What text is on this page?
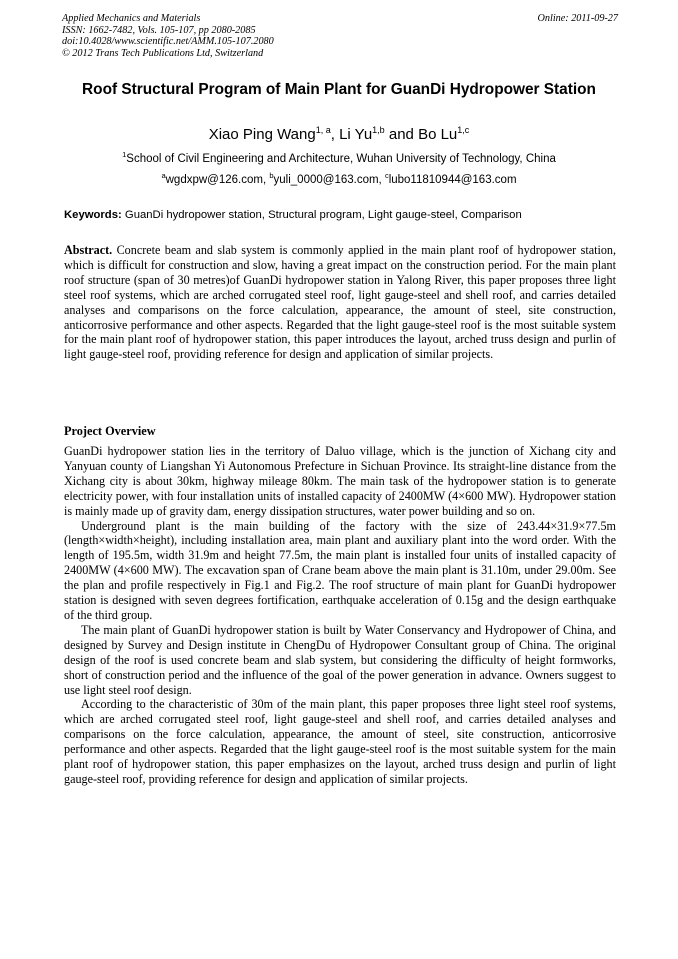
Applied Mechanics and Materials
ISSN: 1662-7482, Vols. 105-107, pp 2080-2085
doi:10.4028/www.scientific.net/AMM.105-107.2080
© 2012 Trans Tech Publications Ltd, Switzerland
Online: 2011-09-27
Roof Structural Program of Main Plant for GuanDi Hydropower Station
Xiao Ping Wang$^{1, a}$, Li Yu$^{1,b}$ and Bo Lu$^{1,c}$
$^1$School of Civil Engineering and Architecture, Wuhan University of Technology, China
$^a$wgdxpw@126.com, $^b$yuli_0000@163.com, $^c$lubo11810944@163.com
Keywords: GuanDi hydropower station, Structural program, Light gauge-steel, Comparison
Abstract. Concrete beam and slab system is commonly applied in the main plant roof of hydropower station, which is difficult for construction and slow, having a great impact on the construction period. For the main plant roof structure (span of 30 metres)of GuanDi hydropower station in Yalong River, this paper proposes three light steel roof systems, which are arched corrugated steel roof, light gauge-steel and shell roof, and carries detailed analyses and comparisons on the force calculation, appearance, the amount of steel, site construction, anticorrosive performance and other aspects. Regarded that the light gauge-steel roof is the most suitable system for the main plant roof of hydropower station, this paper introduces the layout, arched truss design and purlin of light gauge-steel roof, providing reference for design and application of similar projects.
Project Overview

GuanDi hydropower station lies in the territory of Daluo village, which is the junction of Xichang city and Yanyuan county of Liangshan Yi Autonomous Prefecture in Sichuan Province. Its straight-line distance from the Xichang city is about 30km, highway mileage 80km. The main task of the hydropower station is to generate electricity power, with four installation units of installed capacity of 2400MW (4×600 MW). Hydropower station is mainly made up of gravity dam, energy dissipation structures, water power building and so on.

Underground plant is the main building of the factory with the size of 243.44×31.9×77.5m (length×width×height), including installation area, main plant and auxiliary plant into the word order. With the length of 195.5m, width 31.9m and height 77.5m, the main plant is installed four units of installed capacity of 2400MW (4×600 MW). The excavation span of Crane beam above the main plant is 31.10m, under 29.00m. See the plan and profile respectively in Fig.1 and Fig.2. The roof structure of main plant for GuanDi hydropower station is designed with seven degrees fortification, earthquake acceleration of 0.15g and the design earthquake of the third group.

The main plant of GuanDi hydropower station is built by Water Conservancy and Hydropower of China, and designed by Survey and Design institute in ChengDu of Hydropower Consultant group of China. The original design of the roof is used concrete beam and slab system, but considering the difficulty of height formworks, short of construction period and the influence of the goal of the power generation in advance. Owners suggest to use light steel roof design.

According to the characteristic of 30m of the main plant, this paper proposes three light steel roof systems, which are arched corrugated steel roof, light gauge-steel and shell roof, and carries detailed analyses and comparisons on the force calculation, appearance, the amount of steel, site construction, anticorrosive performance and other aspects. Regarded that the light gauge-steel roof is the most suitable system for the main plant roof of hydropower station, this paper emphasizes on the layout, arched truss design and purlin of light gauge-steel roof, providing reference for design and application of similar projects.
